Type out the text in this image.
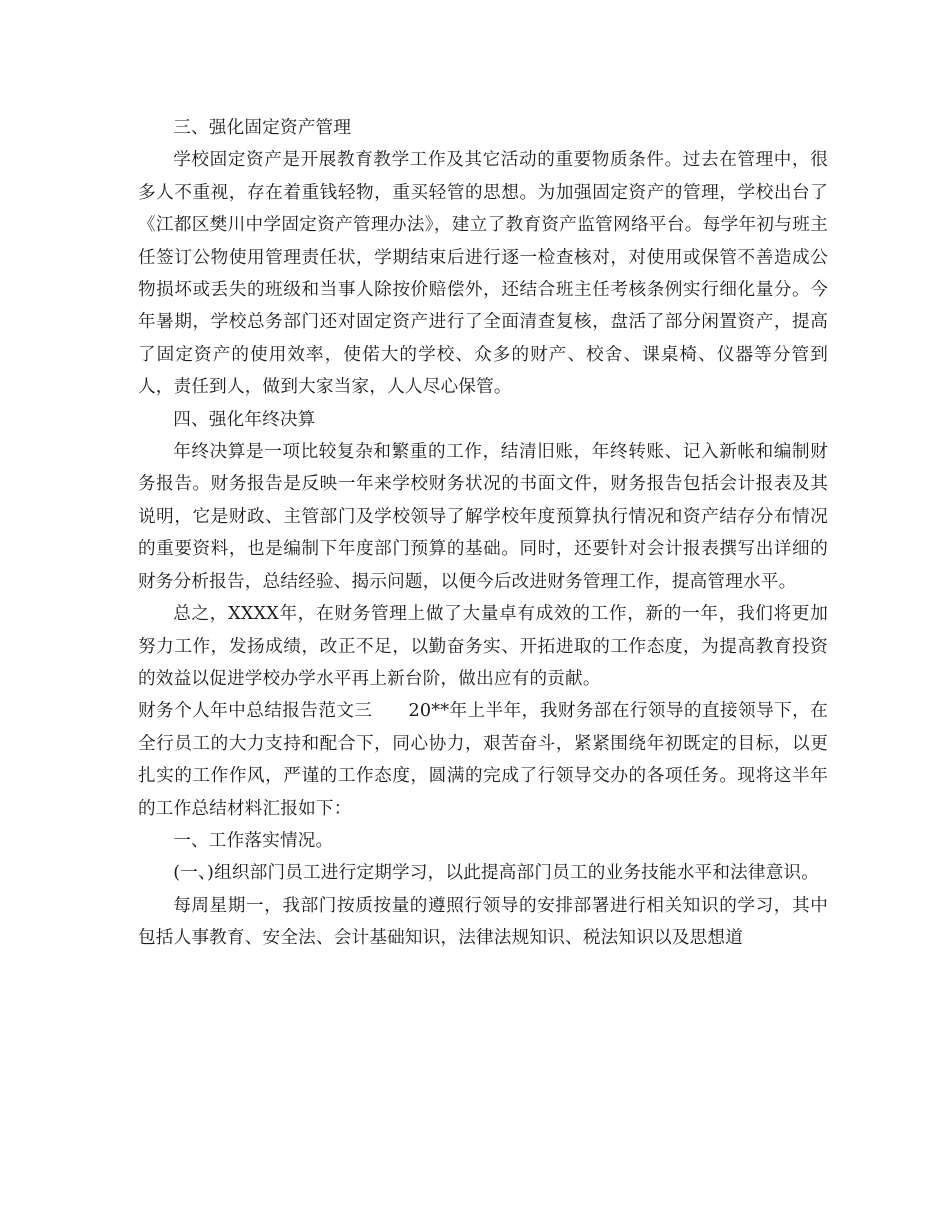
三、强化固定资产管理

学校固定资产是开展教育教学工作及其它活动的重要物质条件。过去在管理中，很多人不重视，存在着重钱轻物，重买轻管的思想。为加强固定资产的管理，学校出台了《江都区樊川中学固定资产管理办法》，建立了教育资产监管网络平台。每学年初与班主任签订公物使用管理责任状，学期结束后进行逐一检查核对，对使用或保管不善造成公物损坏或丢失的班级和当事人除按价赔偿外，还结合班主任考核条例实行细化量分。今年暑期，学校总务部门还对固定资产进行了全面清查复核，盘活了部分闲置资产，提高了固定资产的使用效率，使偌大的学校、众多的财产、校舍、课桌椅、仪器等分管到人，责任到人，做到大家当家，人人尽心保管。

四、强化年终决算

年终决算是一项比较复杂和繁重的工作，结清旧账，年终转账、记入新帐和编制财务报告。财务报告是反映一年来学校财务状况的书面文件，财务报告包括会计报表及其说明，它是财政、主管部门及学校领导了解学校年度预算执行情况和资产结存分布情况的重要资料，也是编制下年度部门预算的基础。同时，还要针对会计报表撰写出详细的财务分析报告，总结经验、揭示问题，以便今后改进财务管理工作，提高管理水平。

总之，XXXX年，在财务管理上做了大量卓有成效的工作，新的一年，我们将更加努力工作，发扬成绩，改正不足，以勤奋务实、开拓进取的工作态度，为提高教育投资的效益以促进学校办学水平再上新台阶，做出应有的贡献。

财务个人年中总结报告范文三　　20**年上半年，我财务部在行领导的直接领导下，在全行员工的大力支持和配合下，同心协力，艰苦奋斗，紧紧围绕年初既定的目标，以更扎实的工作作风，严谨的工作态度，圆满的完成了行领导交办的各项任务。现将这半年的工作总结材料汇报如下：

一、工作落实情况。

(一、)组织部门员工进行定期学习，以此提高部门员工的业务技能水平和法律意识。

每周星期一，我部门按质按量的遵照行领导的安排部署进行相关知识的学习，其中包括人事教育、安全法、会计基础知识，法律法规知识、税法知识以及思想道
